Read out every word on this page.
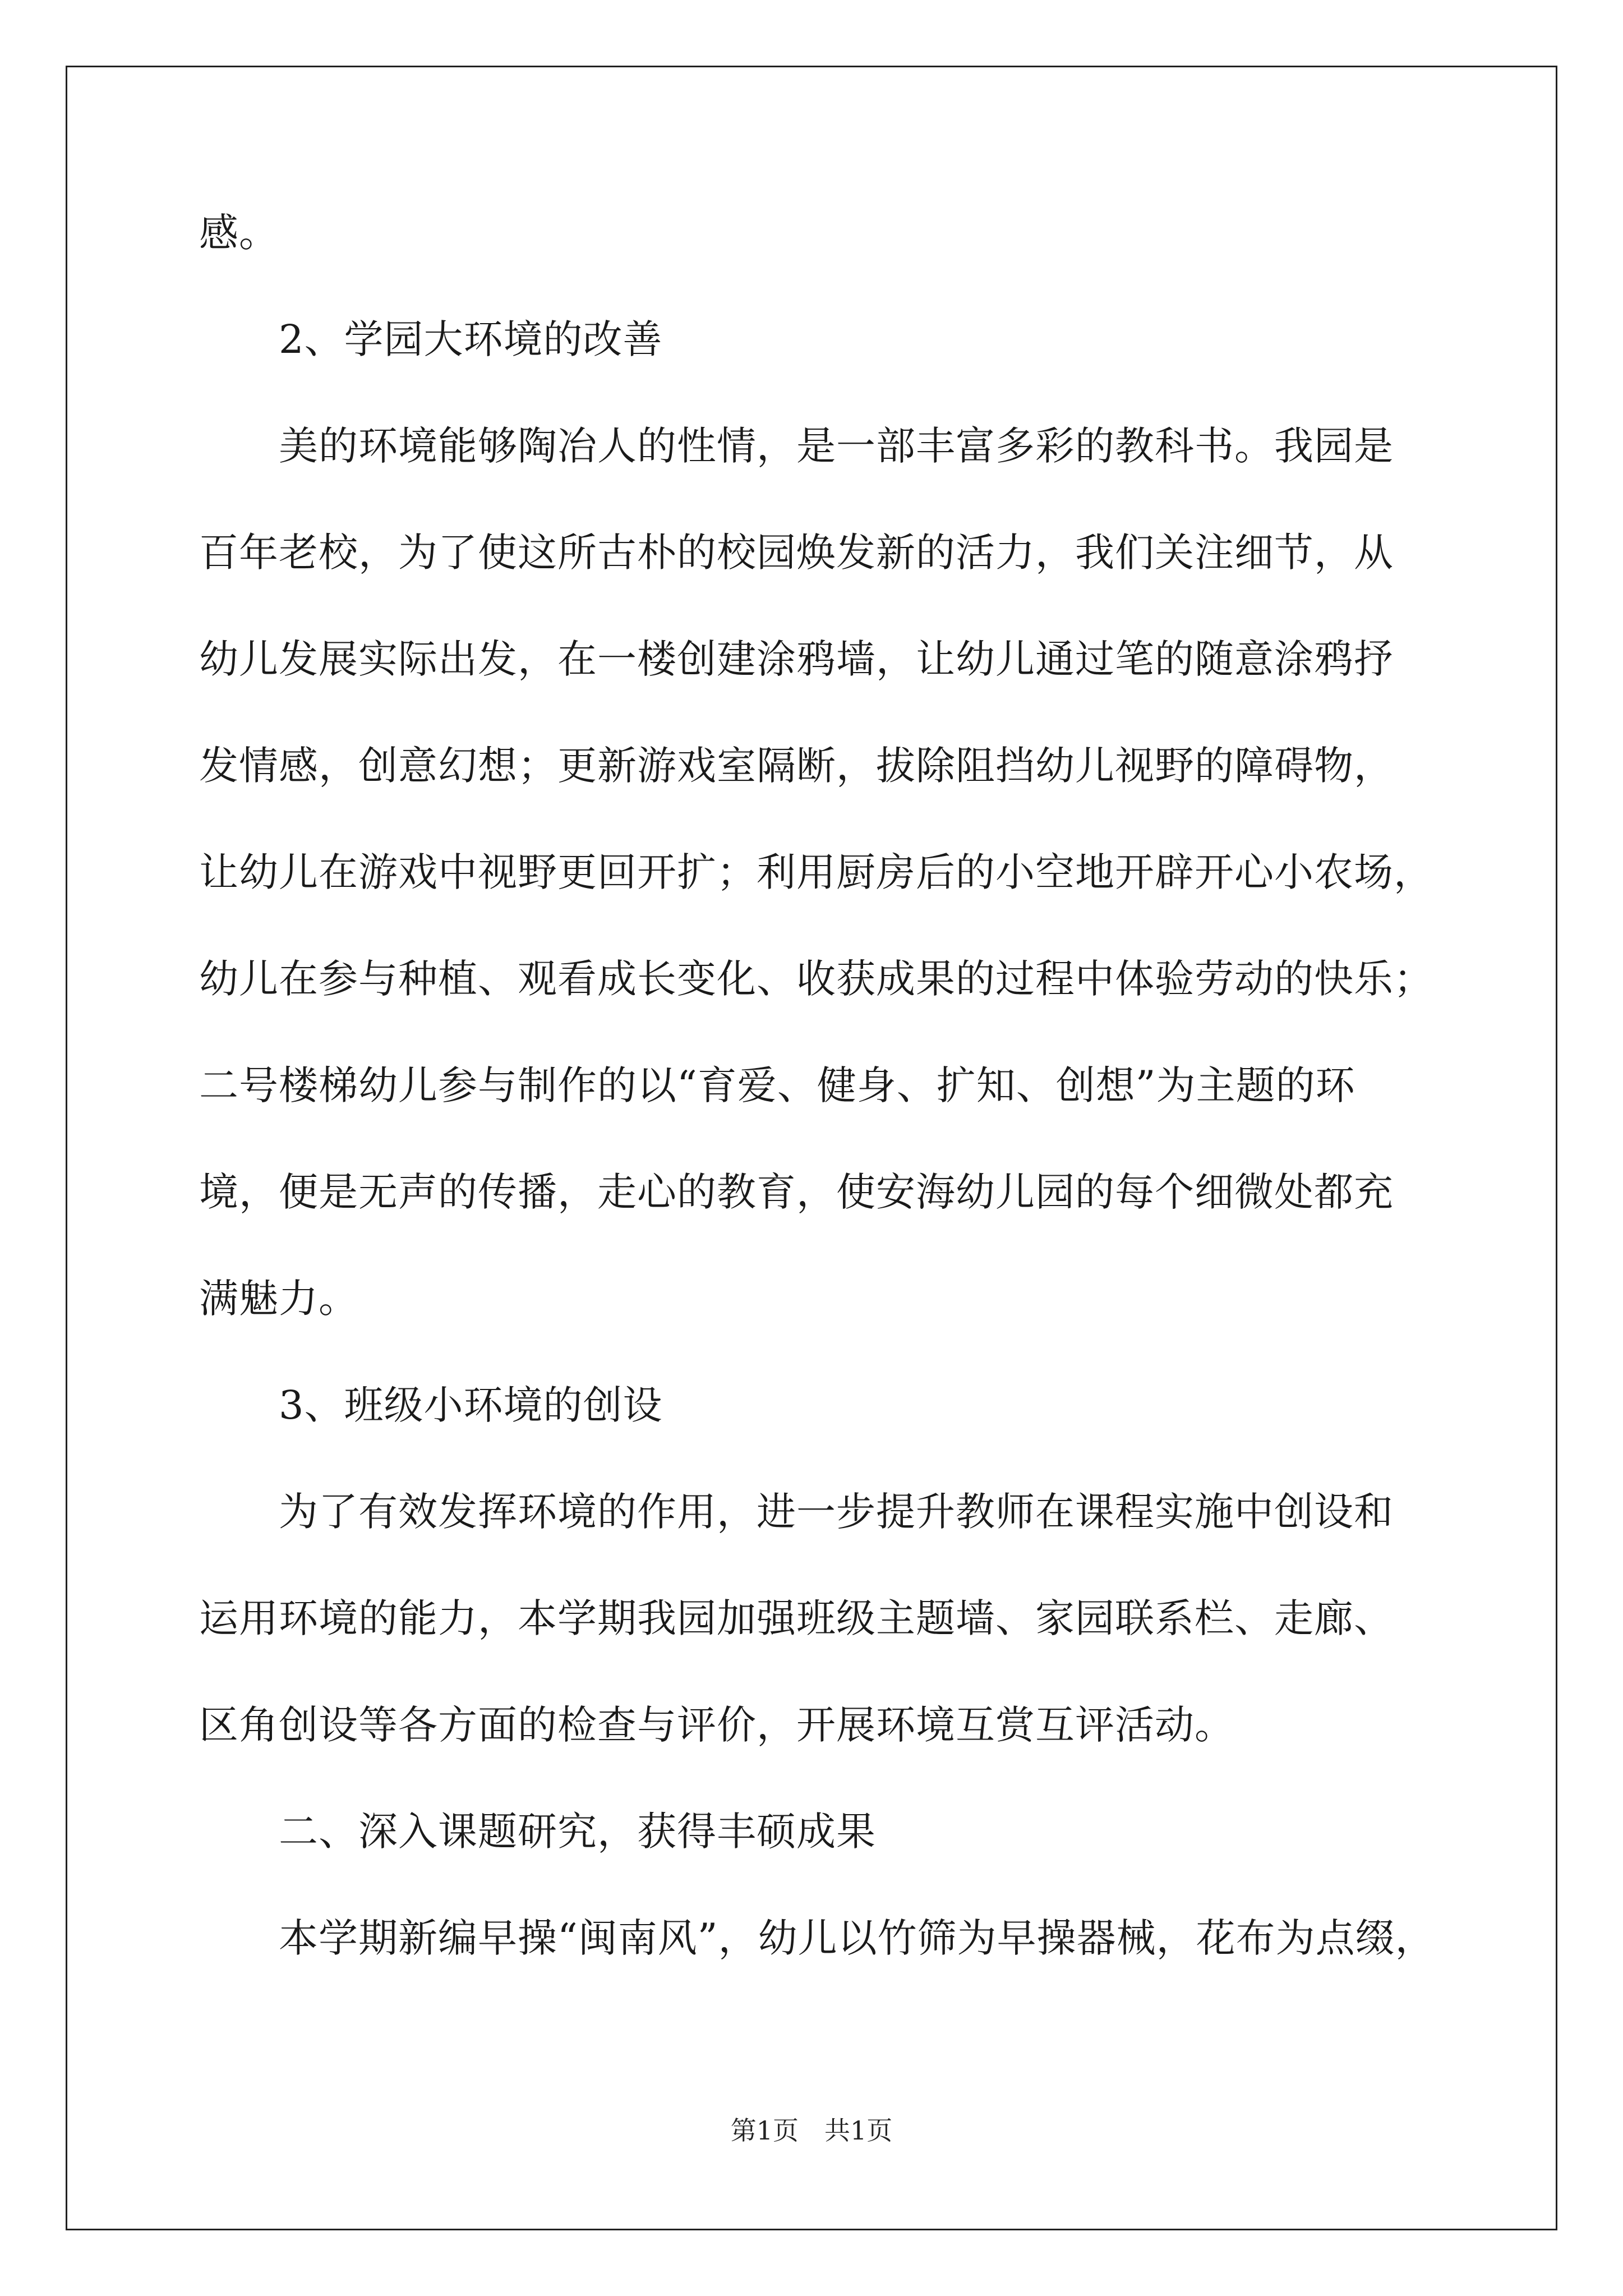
感。
　　2、学园大环境的改善
　　美的环境能够陶冶人的性情，是一部丰富多彩的教科书。我园是
百年老校，为了使这所古朴的校园焕发新的活力，我们关注细节，从
幼儿发展实际出发，在一楼创建涂鸦墙，让幼儿通过笔的随意涂鸦抒
发情感，创意幻想；更新游戏室隔断，拔除阻挡幼儿视野的障碍物，
让幼儿在游戏中视野更回开扩；利用厨房后的小空地开辟开心小农场，
幼儿在参与种植、观看成长变化、收获成果的过程中体验劳动的快乐；
二号楼梯幼儿参与制作的以“育爱、健身、扩知、创想”为主题的环
境，便是无声的传播，走心的教育，使安海幼儿园的每个细微处都充
满魅力。
　　3、班级小环境的创设
　　为了有效发挥环境的作用，进一步提升教师在课程实施中创设和
运用环境的能力，本学期我园加强班级主题墙、家园联系栏、走廊、
区角创设等各方面的检查与评价，开展环境互赏互评活动。
　　二、深入课题研究，获得丰硕成果
　　本学期新编早操“闽南风”，幼儿以竹筛为早操器械，花布为点缀，
第1页　共1页
